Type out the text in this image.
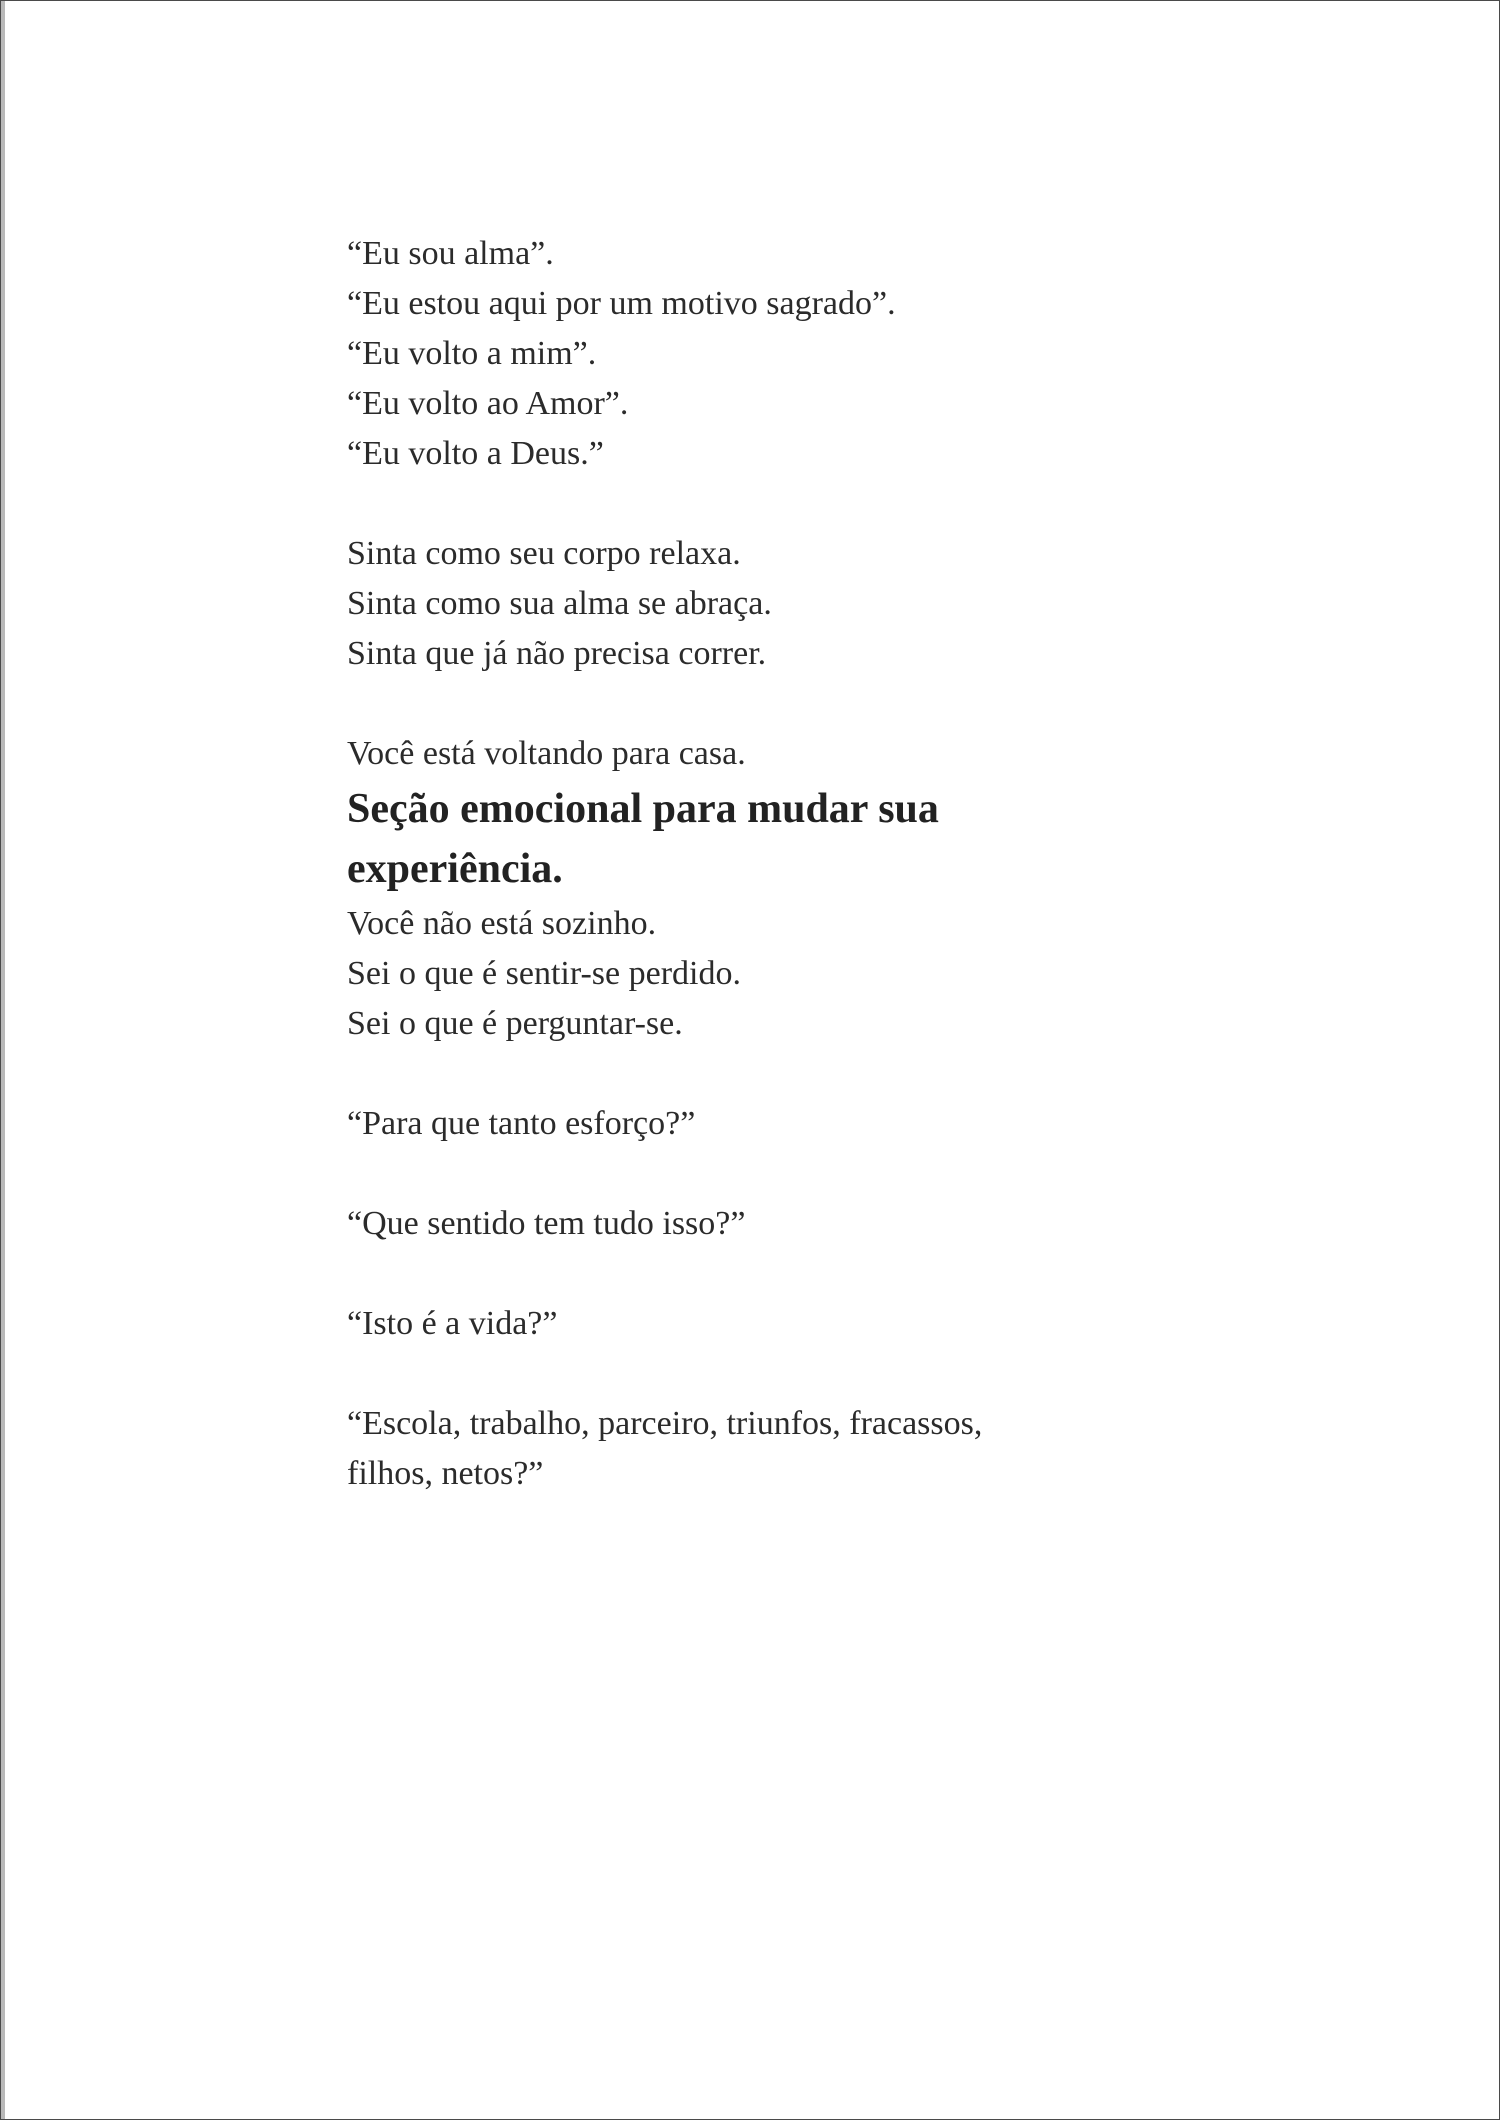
“Eu sou alma”.
“Eu estou aqui por um motivo sagrado”.
“Eu volto a mim”.
“Eu volto ao Amor”.
“Eu volto a Deus.”

Sinta como seu corpo relaxa.
Sinta como sua alma se abraça.
Sinta que já não precisa correr.

Você está voltando para casa.

Seção emocional para mudar sua
experiência.

Você não está sozinho.
Sei o que é sentir-se perdido.
Sei o que é perguntar-se.

“Para que tanto esforço?”

“Que sentido tem tudo isso?”

“Isto é a vida?”

“Escola, trabalho, parceiro, triunfos, fracassos,
filhos, netos?”
